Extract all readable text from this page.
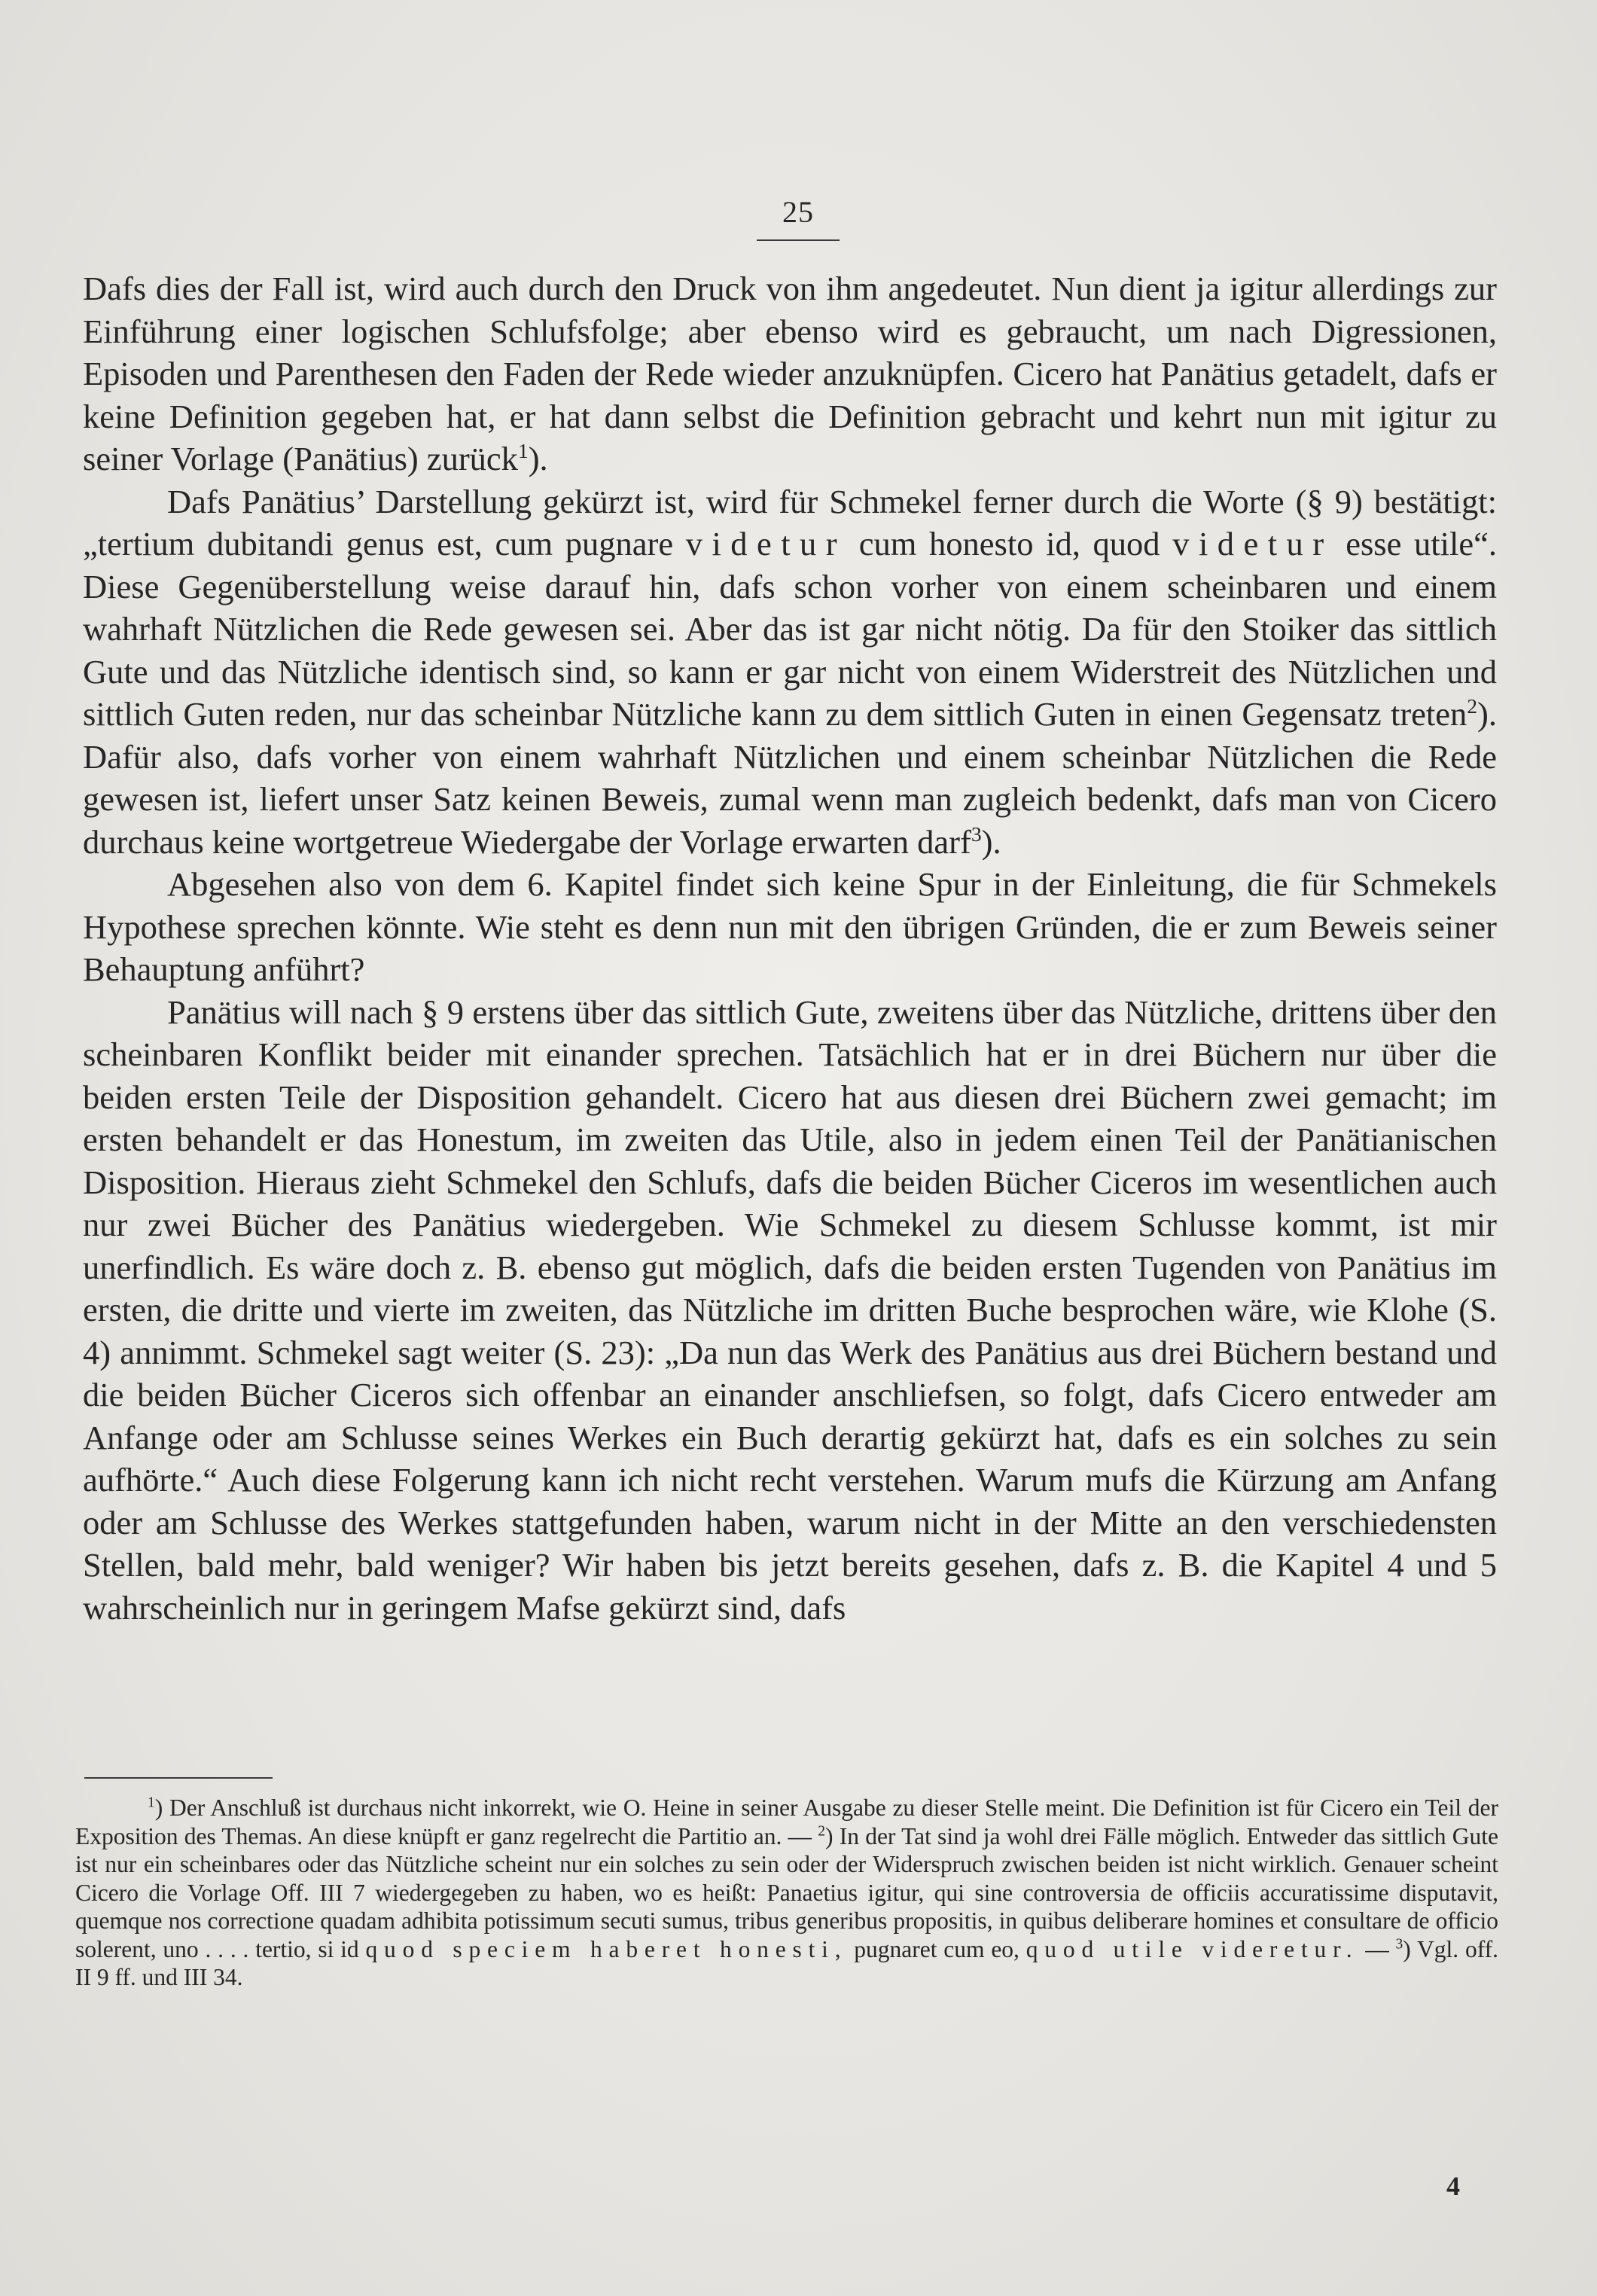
25

Dafs dies der Fall ist, wird auch durch den Druck von ihm angedeutet. Nun dient ja igitur allerdings zur Einführung einer logischen Schlufsfolge; aber ebenso wird es gebraucht, um nach Digressionen, Episoden und Parenthesen den Faden der Rede wieder anzuknüpfen. Cicero hat Panätius getadelt, dafs er keine Definition gegeben hat, er hat dann selbst die Definition gebracht und kehrt nun mit igitur zu seiner Vorlage (Panätius) zurück$^1$).

Dafs Panätius’ Darstellung gekürzt ist, wird für Schmekel ferner durch die Worte (§ 9) bestätigt: „tertium dubitandi genus est, cum pugnare videtur cum honesto id, quod videtur esse utile“. Diese Gegenüberstellung weise darauf hin, dafs schon vorher von einem scheinbaren und einem wahrhaft Nützlichen die Rede gewesen sei. Aber das ist gar nicht nötig. Da für den Stoiker das sittlich Gute und das Nützliche identisch sind, so kann er gar nicht von einem Widerstreit des Nützlichen und sittlich Guten reden, nur das scheinbar Nützliche kann zu dem sittlich Guten in einen Gegensatz treten$^2$). Dafür also, dafs vorher von einem wahrhaft Nützlichen und einem scheinbar Nützlichen die Rede gewesen ist, liefert unser Satz keinen Beweis, zumal wenn man zugleich bedenkt, dafs man von Cicero durchaus keine wortgetreue Wiedergabe der Vorlage erwarten darf$^3$).

Abgesehen also von dem 6. Kapitel findet sich keine Spur in der Einleitung, die für Schmekels Hypothese sprechen könnte. Wie steht es denn nun mit den übrigen Gründen, die er zum Beweis seiner Behauptung anführt?

Panätius will nach § 9 erstens über das sittlich Gute, zweitens über das Nützliche, drittens über den scheinbaren Konflikt beider mit einander sprechen. Tatsächlich hat er in drei Büchern nur über die beiden ersten Teile der Disposition gehandelt. Cicero hat aus diesen drei Büchern zwei gemacht; im ersten behandelt er das Honestum, im zweiten das Utile, also in jedem einen Teil der Panätianischen Disposition. Hieraus zieht Schmekel den Schlufs, dafs die beiden Bücher Ciceros im wesentlichen auch nur zwei Bücher des Panätius wiedergeben. Wie Schmekel zu diesem Schlusse kommt, ist mir unerfindlich. Es wäre doch z. B. ebenso gut möglich, dafs die beiden ersten Tugenden von Panätius im ersten, die dritte und vierte im zweiten, das Nützliche im dritten Buche besprochen wäre, wie Klohe (S. 4) annimmt. Schmekel sagt weiter (S. 23): „Da nun das Werk des Panätius aus drei Büchern bestand und die beiden Bücher Ciceros sich offenbar an einander anschliefsen, so folgt, dafs Cicero entweder am Anfange oder am Schlusse seines Werkes ein Buch derartig gekürzt hat, dafs es ein solches zu sein aufhörte.“ Auch diese Folgerung kann ich nicht recht verstehen. Warum mufs die Kürzung am Anfang oder am Schlusse des Werkes stattgefunden haben, warum nicht in der Mitte an den verschiedensten Stellen, bald mehr, bald weniger? Wir haben bis jetzt bereits gesehen, dafs z. B. die Kapitel 4 und 5 wahrscheinlich nur in geringem Mafse gekürzt sind, dafs

$^1$) Der Anschluß ist durchaus nicht inkorrekt, wie O. Heine in seiner Ausgabe zu dieser Stelle meint. Die Definition ist für Cicero ein Teil der Exposition des Themas. An diese knüpft er ganz regelrecht die Partitio an. — $^2$) In der Tat sind ja wohl drei Fälle möglich. Entweder das sittlich Gute ist nur ein scheinbares oder das Nützliche scheint nur ein solches zu sein oder der Widerspruch zwischen beiden ist nicht wirklich. Genauer scheint Cicero die Vorlage Off. III 7 wiedergegeben zu haben, wo es heißt: Panaetius igitur, qui sine controversia de officiis accuratissime disputavit, quemque nos correctione quadam adhibita potissimum secuti sumus, tribus generibus propositis, in quibus deliberare homines et consultare de officio solerent, uno . . . . tertio, si id quod speciem haberet honesti, pugnaret cum eo, quod utile videretur. — $^3$) Vgl. off. II 9 ff. und III 34.

4
